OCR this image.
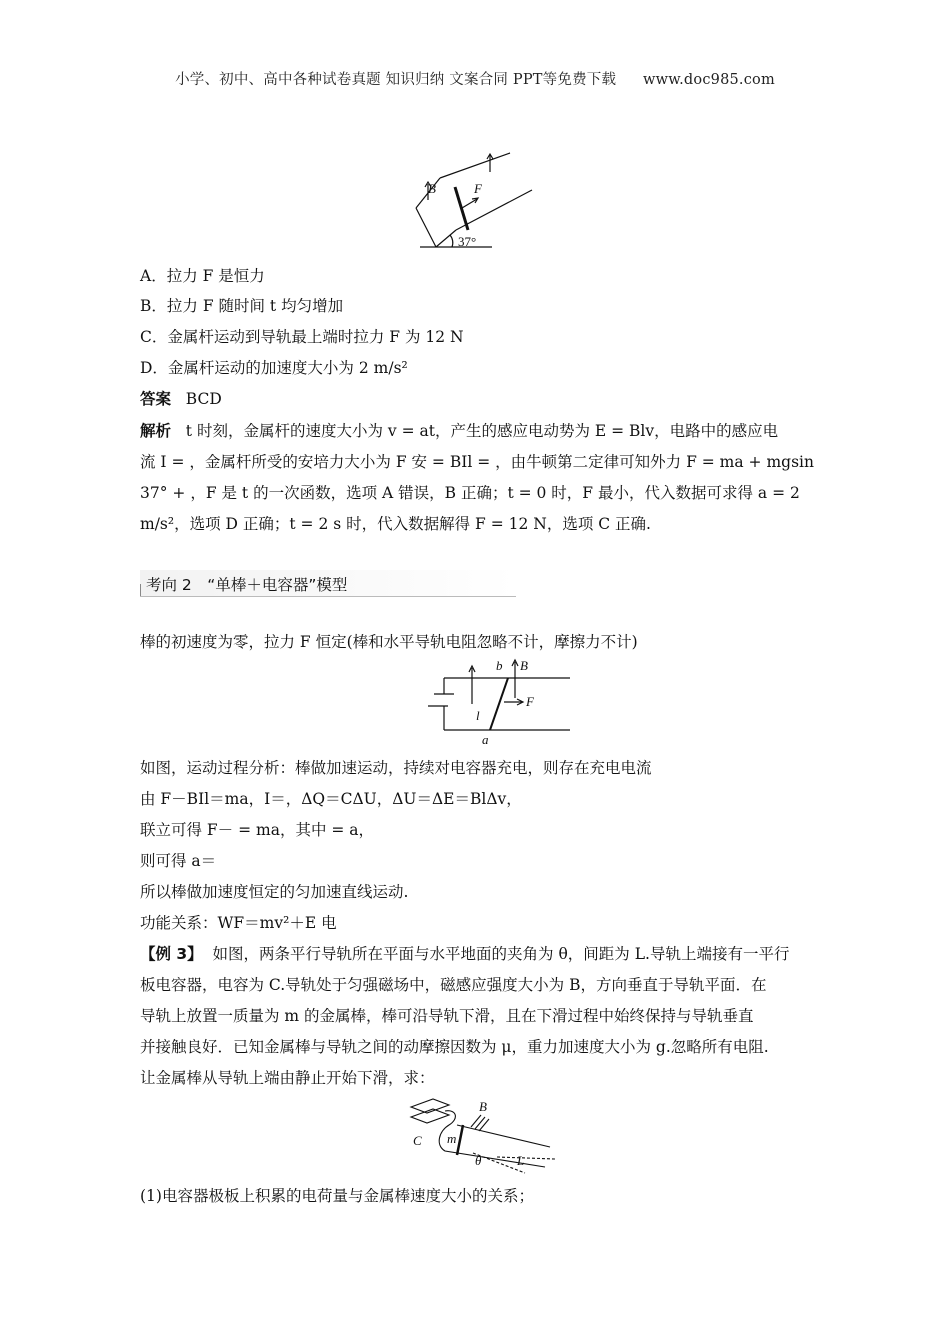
小学、初中、高中各种试卷真题 知识归纳 文案合同 PPT等免费下载 www.doc985.com
B	F
37°
A．拉力 F 是恒力
B．拉力 F 随时间 t 均匀增加
C．金属杆运动到导轨最上端时拉力 F 为 12 N
D．金属杆运动的加速度大小为 2 m/s²
答案 BCD
解析 t 时刻，金属杆的速度大小为 v = at，产生的感应电动势为 E = Blv，电路中的感应电
流 I = ，金属杆所受的安培力大小为 F 安 = BIl = ，由牛顿第二定律可知外力 F = ma + mgsin
37° + ，F 是 t 的一次函数，选项 A 错误，B 正确；t = 0 时，F 最小，代入数据可求得 a = 2
m/s²，选项 D 正确；t = 2 s 时，代入数据解得 F = 12 N，选项 C 正确.
考向 2　“单棒＋电容器”模型
棒的初速度为零，拉力 F 恒定(棒和水平导轨电阻忽略不计，摩擦力不计)
b B
F
l
a
如图，运动过程分析：棒做加速运动，持续对电容器充电，则存在充电电流
由 F－BIl＝ma，I＝，ΔQ＝CΔU，ΔU＝ΔE＝BlΔv，
联立可得 F－ = ma，其中 = a，
则可得 a＝
所以棒做加速度恒定的匀加速直线运动.
功能关系：WF＝mv²＋E 电
【例 3】 如图，两条平行导轨所在平面与水平地面的夹角为 θ，间距为 L.导轨上端接有一平行
板电容器，电容为 C.导轨处于匀强磁场中，磁感应强度大小为 B，方向垂直于导轨平面．在
导轨上放置一质量为 m 的金属棒，棒可沿导轨下滑，且在下滑过程中始终保持与导轨垂直
并接触良好．已知金属棒与导轨之间的动摩擦因数为 μ，重力加速度大小为 g.忽略所有电阻.
让金属棒从导轨上端由静止开始下滑，求：
C m
B
θ	L
(1)电容器极板上积累的电荷量与金属棒速度大小的关系；
